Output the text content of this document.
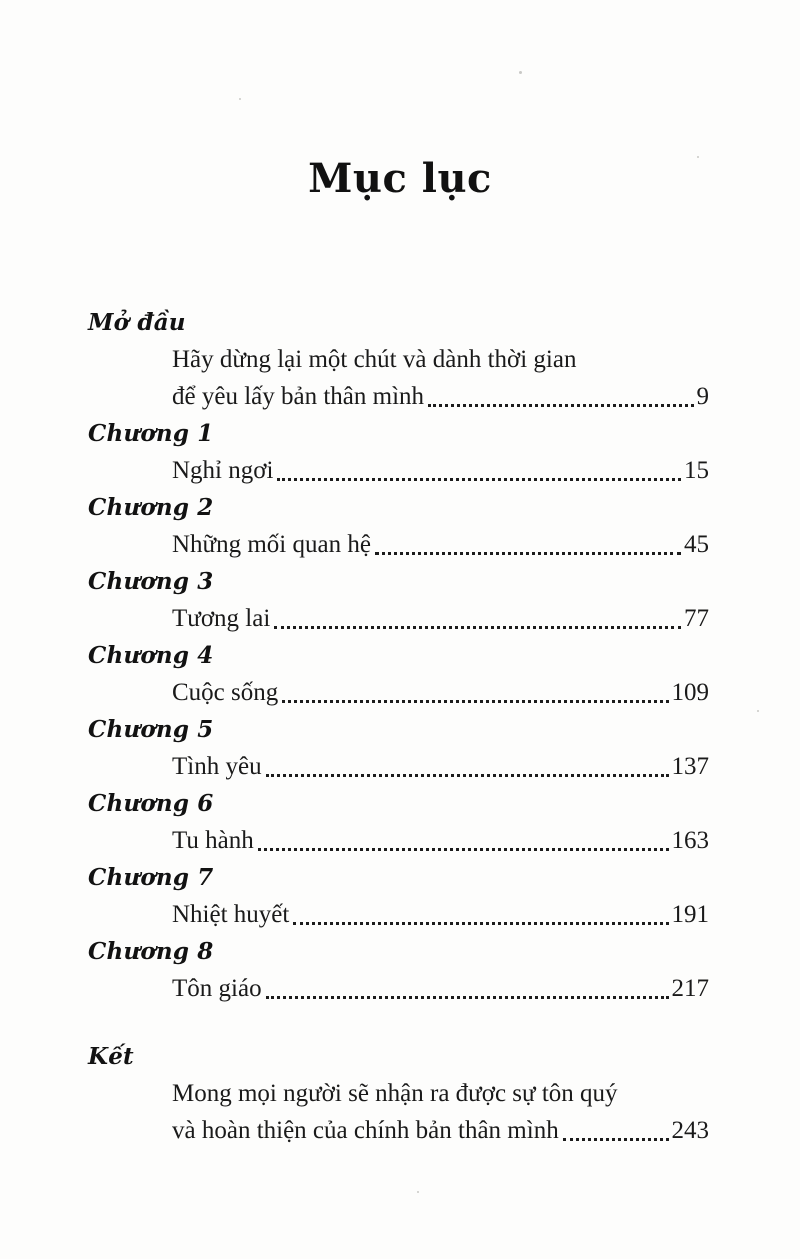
Mục lục
Mở đầu
Hãy dừng lại một chút và dành thời gian
để yêu lấy bản thân mình	9
Chương 1
Nghỉ ngơi	15
Chương 2
Những mối quan hệ	45
Chương 3
Tương lai	77
Chương 4
Cuộc sống	109
Chương 5
Tình yêu	137
Chương 6
Tu hành	163
Chương 7
Nhiệt huyết	191
Chương 8
Tôn giáo	217
Kết
Mong mọi người sẽ nhận ra được sự tôn quý
và hoàn thiện của chính bản thân mình	243
